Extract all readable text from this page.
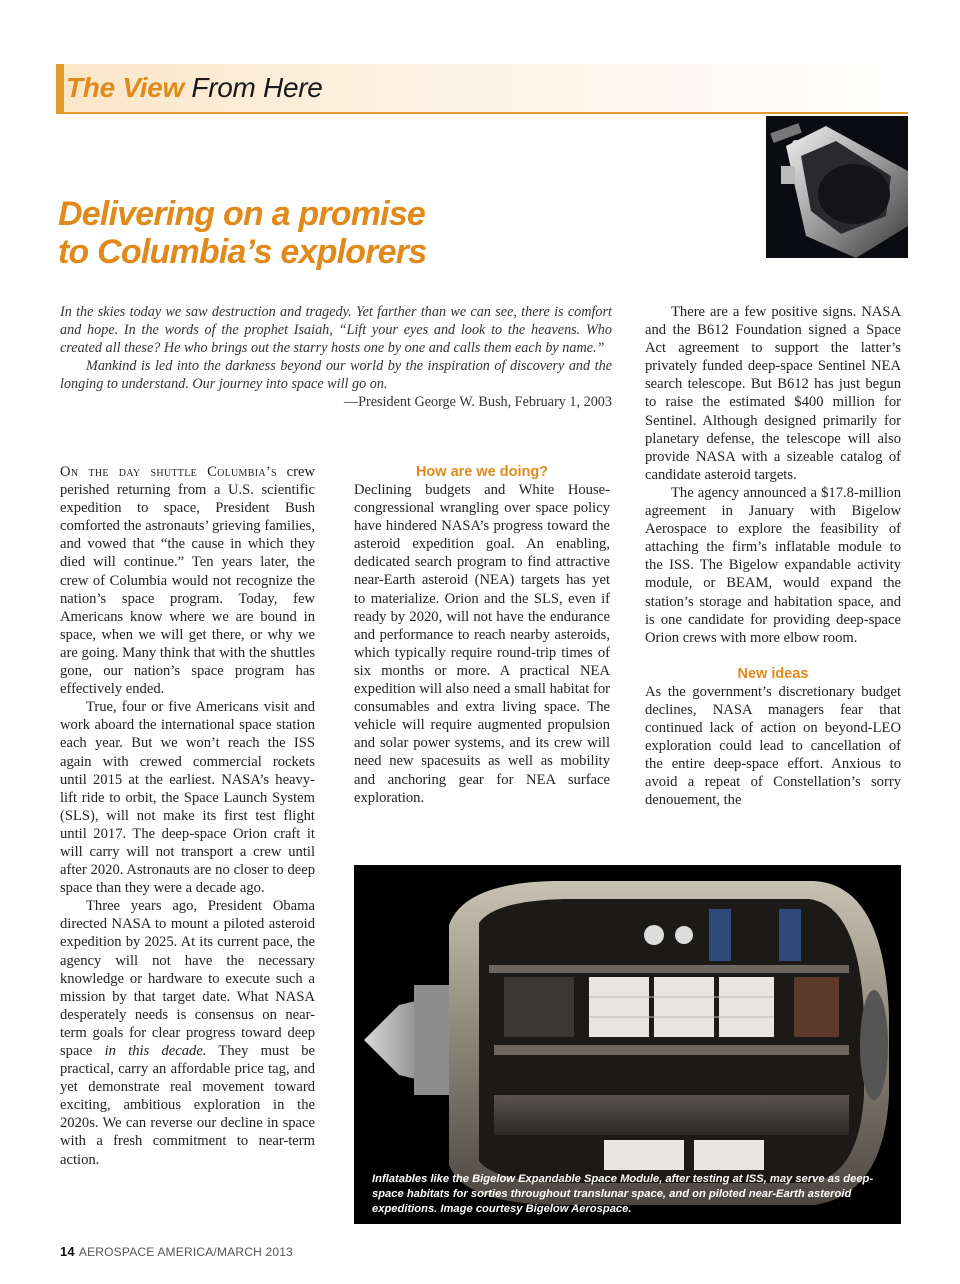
The View From Here
Delivering on a promise
to Columbia’s explorers

In the skies today we saw destruction and tragedy. Yet farther than we can see, there is comfort and hope. In the words of the prophet Isaiah, “Lift your eyes and look to the heavens. Who created all these? He who brings out the starry hosts one by one and calls them each by name.”

Mankind is led into the darkness beyond our world by the inspiration of discovery and the longing to understand. Our journey into space will go on.

—President George W. Bush, February 1, 2003

On the day shuttle Columbia’s crew perished returning from a U.S. scientific expedition to space, President Bush comforted the astronauts’ grieving families, and vowed that “the cause in which they died will continue.” Ten years later, the crew of Columbia would not recognize the nation’s space program. Today, few Americans know where we are bound in space, when we will get there, or why we are going. Many think that with the shuttles gone, our nation’s space program has effectively ended.

True, four or five Americans visit and work aboard the international space station each year. But we won’t reach the ISS again with crewed commercial rockets until 2015 at the earliest. NASA’s heavy-lift ride to orbit, the Space Launch System (SLS), will not make its first test flight until 2017. The deep-space Orion craft it will carry will not transport a crew until after 2020. Astronauts are no closer to deep space than they were a decade ago.

Three years ago, President Obama directed NASA to mount a piloted asteroid expedition by 2025. At its current pace, the agency will not have the necessary knowledge or hardware to execute such a mission by that target date. What NASA desperately needs is consensus on near-term goals for clear progress toward deep space in this decade. They must be practical, carry an affordable price tag, and yet demonstrate real movement toward exciting, ambitious exploration in the 2020s. We can reverse our decline in space with a fresh commitment to near-term action.

How are we doing?

Declining budgets and White House-congressional wrangling over space policy have hindered NASA’s progress toward the asteroid expedition goal. An enabling, dedicated search program to find attractive near-Earth asteroid (NEA) targets has yet to materialize. Orion and the SLS, even if ready by 2020, will not have the endurance and performance to reach nearby asteroids, which typically require round-trip times of six months or more. A practical NEA expedition will also need a small habitat for consumables and extra living space. The vehicle will require augmented propulsion and solar power systems, and its crew will need new spacesuits as well as mobility and anchoring gear for NEA surface exploration.

There are a few positive signs. NASA and the B612 Foundation signed a Space Act agreement to support the latter’s privately funded deep-space Sentinel NEA search telescope. But B612 has just begun to raise the estimated $400 million for Sentinel. Although designed primarily for planetary defense, the telescope will also provide NASA with a sizeable catalog of candidate asteroid targets.

The agency announced a $17.8-million agreement in January with Bigelow Aerospace to explore the feasibility of attaching the firm’s inflatable module to the ISS. The Bigelow expandable activity module, or BEAM, would expand the station’s storage and habitation space, and is one candidate for providing deep-space Orion crews with more elbow room.

New ideas

As the government’s discretionary budget declines, NASA managers fear that continued lack of action on beyond-LEO exploration could lead to cancellation of the entire deep-space effort. Anxious to avoid a repeat of Constellation’s sorry denouement, the

Inflatables like the Bigelow Expandable Space Module, after testing at ISS, may serve as deep-space habitats for sorties throughout translunar space, and on piloted near-Earth asteroid expeditions. Image courtesy Bigelow Aerospace.
14 AEROSPACE AMERICA/MARCH 2013
